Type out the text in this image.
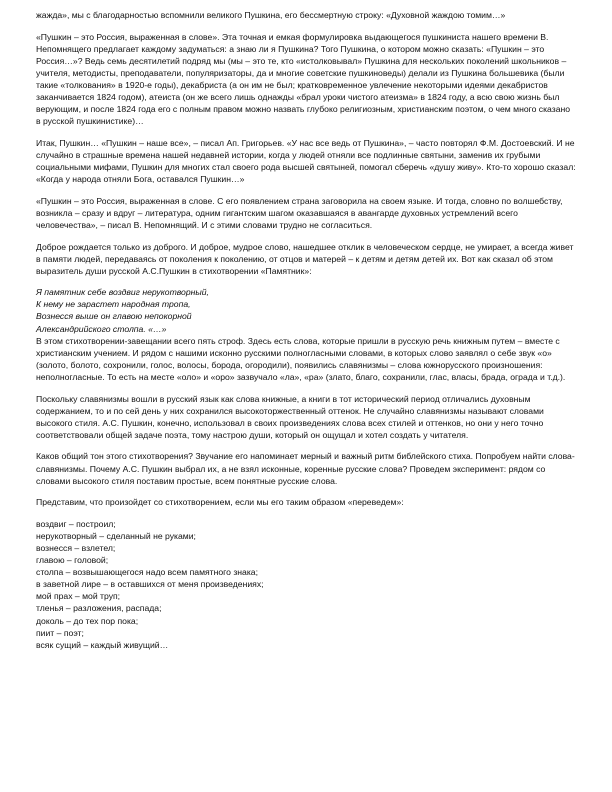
жажда», мы с благодарностью вспомнили великого Пушкина, его бессмертную строку: «Духовной жаждою томим…»

«Пушкин – это Россия, выраженная в слове». Эта точная и емкая формулировка выдающегося пушкиниста нашего времени В. Непомнящего предлагает каждому задуматься: а знаю ли я Пушкина? Того Пушкина, о котором можно сказать: «Пушкин – это Россия…»? Ведь семь десятилетий подряд мы (мы – это те, кто «истолковывал» Пушкина для нескольких поколений школьников – учителя, методисты, преподаватели, популяризаторы, да и многие советские пушкиноведы) делали из Пушкина большевика (были такие «толкования» в 1920-е годы), декабриста (а он им не был; кратковременное увлечение некоторыми идеями декабристов заканчивается 1824 годом), атеиста (он же всего лишь однажды «брал уроки чистого атеизма» в 1824 году, а всю свою жизнь был верующим, и после 1824 года его с полным правом можно назвать глубоко религиозным, христианским поэтом, о чем много сказано в русской пушкинистике)…

Итак, Пушкин… «Пушкин – наше все», – писал Ап. Григорьев. «У нас все ведь от Пушкина», – часто повторял Ф.М. Достоевский. И не случайно в страшные времена нашей недавней истории, когда у людей отняли все подлинные святыни, заменив их грубыми социальными мифами, Пушкин для многих стал своего рода высшей святыней, помогал сберечь «душу живу». Кто-то хорошо сказал: «Когда у народа отняли Бога, оставался Пушкин…»

«Пушкин – это Россия, выраженная в слове. С его появлением страна заговорила на своем языке. И тогда, словно по волшебству, возникла – сразу и вдруг – литература, одним гигантским шагом оказавшаяся в авангарде духовных устремлений всего человечества», – писал В. Непомнящий. И с этими словами трудно не согласиться.

Доброе рождается только из доброго. И доброе, мудрое слово, нашедшее отклик в человеческом сердце, не умирает, а всегда живет в памяти людей, передаваясь от поколения к поколению, от отцов и матерей – к детям и детям детей их. Вот как сказал об этом выразитель души русской А.С.Пушкин в стихотворении «Памятник»:

Я памятник себе воздвиг нерукотворный,
К нему не зарастет народная тропа,
Вознесся выше он главою непокорной
Александрийского столпа. «…»

В этом стихотворении-завещании всего пять строф. Здесь есть слова, которые пришли в русскую речь книжным путем – вместе с христианским учением. И рядом с нашими исконно русскими полногласными словами, в которых слово заявлял о себе звук «о» (золото, болото, сохронили, голос, волосы, борода, огородили), появились славянизмы – слова южнорусского произношения: неполногласные. То есть на месте «оло» и «оро» зазвучало «ла», «ра» (злато, благо, сохранили, глас, власы, брада, ограда и т.д.).

Поскольку славянизмы вошли в русский язык как слова книжные, а книги в тот исторический период отличались духовным содержанием, то и по сей день у них сохранился высокоторжественный оттенок. Не случайно славянизмы называют словами высокого стиля. А.С. Пушкин, конечно, использовал в своих произведениях слова всех стилей и оттенков, но они у него точно соответствовали общей задаче поэта, тому настрою души, который он ощущал и хотел создать у читателя.

Каков общий тон этого стихотворения? Звучание его напоминает мерный и важный ритм библейского стиха. Попробуем найти слова-славянизмы. Почему А.С. Пушкин выбрал их, а не взял исконные, коренные русские слова? Проведем эксперимент: рядом со словами высокого стиля поставим простые, всем понятные русские слова.

Представим, что произойдет со стихотворением, если мы его таким образом «переведем»:

воздвиг – построил;
нерукотворный – сделанный не руками;
вознесся – взлетел;
главою – головой;
столпа – возвышающегося надо всем памятного знака;
в заветной лире – в оставшихся от меня произведениях;
мой прах – мой труп;
тленья – разложения, распада;
доколь – до тех пор пока;
пиит – поэт;
всяк сущий – каждый живущий…
